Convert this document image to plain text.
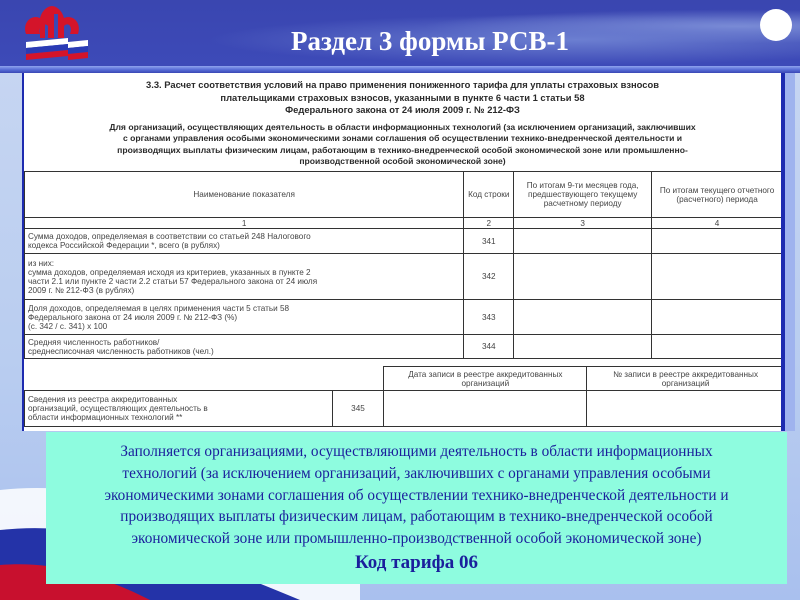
Раздел 3 формы РСВ-1
3.3. Расчет соответствия условий на право применения пониженного тарифа для уплаты страховых взносов
плательщиками страховых взносов, указанными в пункте 6 части 1 статьи 58
Федерального закона от 24 июля 2009 г. № 212-ФЗ
Для организаций, осуществляющих деятельность в области информационных технологий (за исключением организаций, заключивших
с органами управления особыми экономическими зонами соглашения об осуществлении технико-внедренческой деятельности и
производящих выплаты физическим лицам, работающим в технико-внедренческой особой экономической зоне или промышленно-
производственной особой экономической зоне)
Наименование показателя	Код строки	По итогам 9-ти месяцев года, предшествующего текущему расчетному периоду	По итогам текущего отчетного (расчетного) периода
1	2	3	4

Сумма доходов, определяемая в соответствии со статьей 248 Налогового
кодекса Российской Федерации *, всего (в рублях)	341		

из них:
сумма доходов, определяемая исходя из критериев, указанных в пункте 2
части 2.1 или пункте 2 части 2.2 статьи 57 Федерального закона от 24 июля
2009 г. № 212-ФЗ (в рублях)	342		

Доля доходов, определяемая в целях применения части 5 статьи 58
Федерального закона от 24 июля 2009 г. № 212-ФЗ (%)
(с. 342 / с. 341) х 100	343		

Средняя численность работников/
среднесписочная численность работников (чел.)	344		
		Дата записи в реестре аккредитованных организаций	№ записи в реестре аккредитованных организаций

Сведения из реестра аккредитованных
организаций, осуществляющих деятельность в
области информационных технологий **	345		
Заполняется организациями, осуществляющими деятельность в области информационных
технологий (за исключением организаций, заключивших с органами управления особыми
экономическими зонами соглашения об осуществлении технико-внедренческой деятельности и
производящих выплаты физическим лицам, работающим в технико-внедренческой особой
экономической зоне или промышленно-производственной особой экономической зоне)
Код тарифа 06
